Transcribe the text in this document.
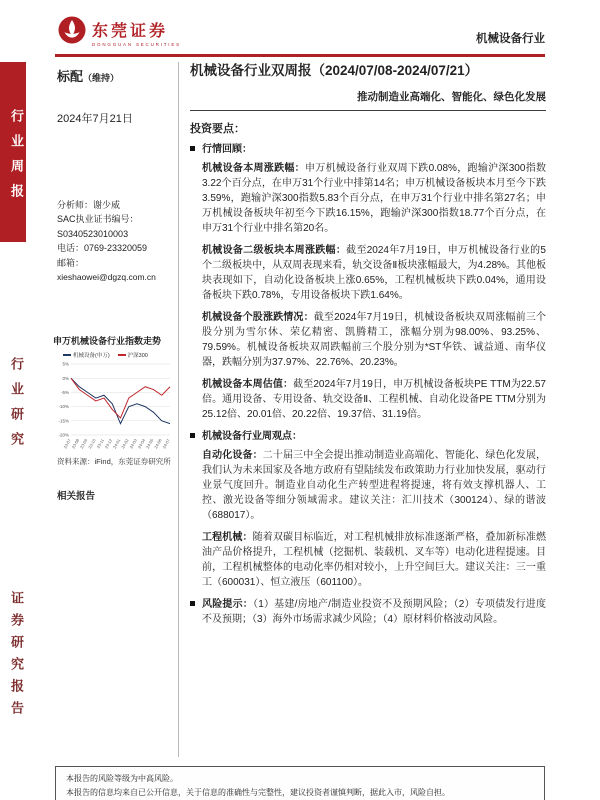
行业周报
行业研究
证券研究报告
东莞证券
DONGGUAN SECURITIES	机械设备行业
标配（维持）
2024年7月21日
分析师：谢少威
SAC执业证书编号：
S0340523010003
电话：0769-23320059
邮箱：
xieshaowei@dgzq.com.cn
申万机械设备行业指数走势
机械设备(申万)	沪深300
5%
0%
-5%
-10%
-15%
-20%
23-07
23-08
23-09
23-10
23-11
23-12
24-01
24-02
24-03
24-04
24-05
24-06
24-07
资料来源：iFind，东莞证券研究所
相关报告
机械设备行业双周报（2024/07/08-2024/07/21）
推动制造业高端化、智能化、绿色化发展
投资要点：
行情回顾：

机械设备本周涨跌幅：申万机械设备行业双周下跌0.08%，跑输沪深300指数3.22个百分点，在申万31个行业中排第14名；申万机械设备板块本月至今下跌3.59%，跑输沪深300指数5.83个百分点，在申万31个行业中排名第27名；申万机械设备板块年初至今下跌16.15%，跑输沪深300指数18.77个百分点，在申万31个行业中排名第20名。

机械设备二级板块本周涨跌幅：截至2024年7月19日，申万机械设备行业的5个二级板块中，从双周表现来看，轨交设备Ⅱ板块涨幅最大，为4.28%。其他板块表现如下，自动化设备板块上涨0.65%，工程机械板块下跌0.04%，通用设备板块下跌0.78%，专用设备板块下跌1.64%。

机械设备个股涨跌情况：截至2024年7月19日，机械设备板块双周涨幅前三个股分别为雪尔休、荣亿精密、凯腾精工，涨幅分别为98.00%、93.25%、79.59%。机械设备板块双周跌幅前三个股分别为*ST华铁、诚益通、南华仪器，跌幅分别为37.97%、22.76%、20.23%。

机械设备本周估值：截至2024年7月19日，申万机械设备板块PE TTM为22.57倍。通用设备、专用设备、轨交设备Ⅱ、工程机械、自动化设备PE TTM分别为25.12倍、20.01倍、20.22倍、19.37倍、31.19倍。

机械设备行业周观点：

自动化设备：二十届三中全会提出推动制造业高端化、智能化、绿色化发展，我们认为未来国家及各地方政府有望陆续发布政策助力行业加快发展，驱动行业景气度回升。制造业自动化生产转型进程将提速，将有效支撑机器人、工控、激光设备等细分领域需求。建议关注：汇川技术（300124）、绿的谐波（688017）。

工程机械：随着双碳目标临近，对工程机械排放标准逐渐严格，叠加新标准燃油产品价格提升，工程机械（挖掘机、装载机、叉车等）电动化进程提速。目前，工程机械整体的电动化率仍相对较小，上升空间巨大。建议关注：三一重工（600031）、恒立液压（601100）。

风险提示：（1）基建/房地产/制造业投资不及预期风险；（2）专项债发行进度不及预期；（3）海外市场需求减少风险；（4）原材料价格波动风险。

本报告的风险等级为中高风险。
本报告的信息均来自已公开信息，关于信息的准确性与完整性，建议投资者谨慎判断，据此入市，风险自担。
